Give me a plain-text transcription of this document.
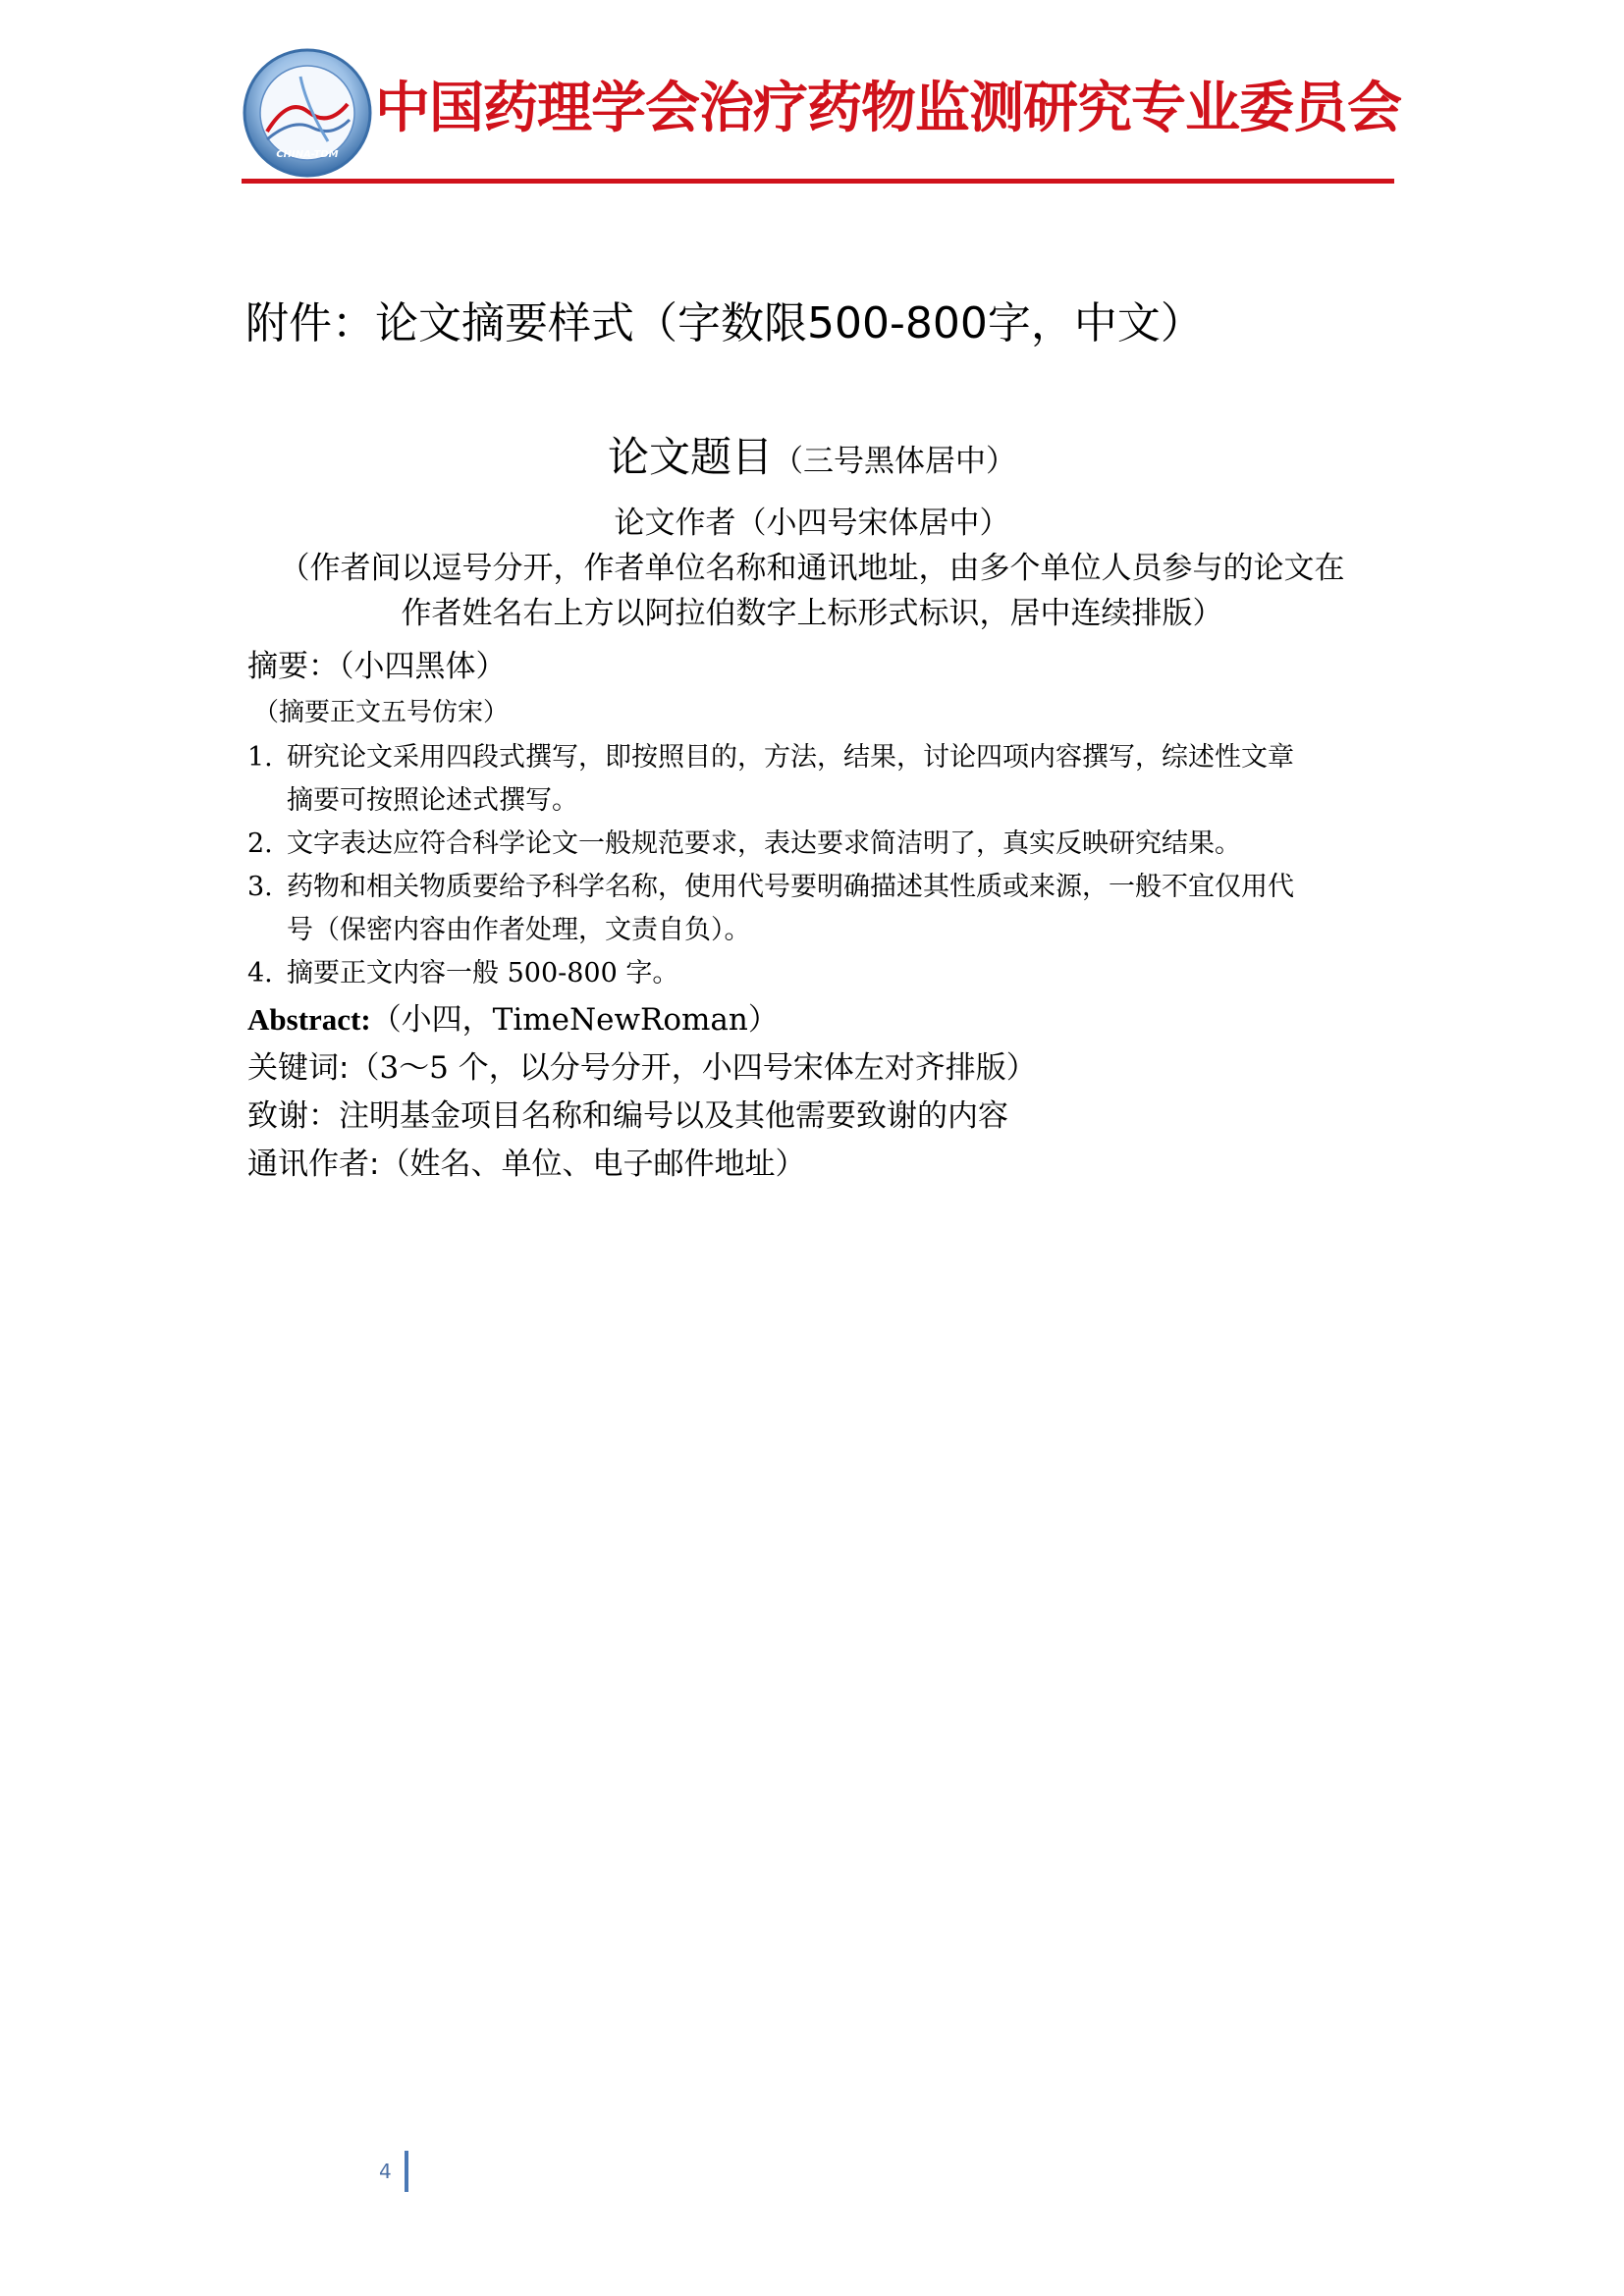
CHINA-TDM
中国药理学会治疗药物监测研究专业委员会
附件：论文摘要样式（字数限500-800字，中文）
论文题目（三号黑体居中）
论文作者（小四号宋体居中）
（作者间以逗号分开，作者单位名称和通讯地址，由多个单位人员参与的论文在
作者姓名右上方以阿拉伯数字上标形式标识，居中连续排版）
摘要：（小四黑体）
（摘要正文五号仿宋）
1. 研究论文采用四段式撰写，即按照目的，方法，结果，讨论四项内容撰写，综述性文章
摘要可按照论述式撰写。
2. 文字表达应符合科学论文一般规范要求，表达要求简洁明了，真实反映研究结果。
3. 药物和相关物质要给予科学名称，使用代号要明确描述其性质或来源，一般不宜仅用代
号（保密内容由作者处理，文责自负）。
4. 摘要正文内容一般 500-800 字。
Abstract:（小四，TimeNewRoman）
关键词:（3～5 个，以分号分开，小四号宋体左对齐排版）
致谢：注明基金项目名称和编号以及其他需要致谢的内容
通讯作者:（姓名、单位、电子邮件地址）
4
